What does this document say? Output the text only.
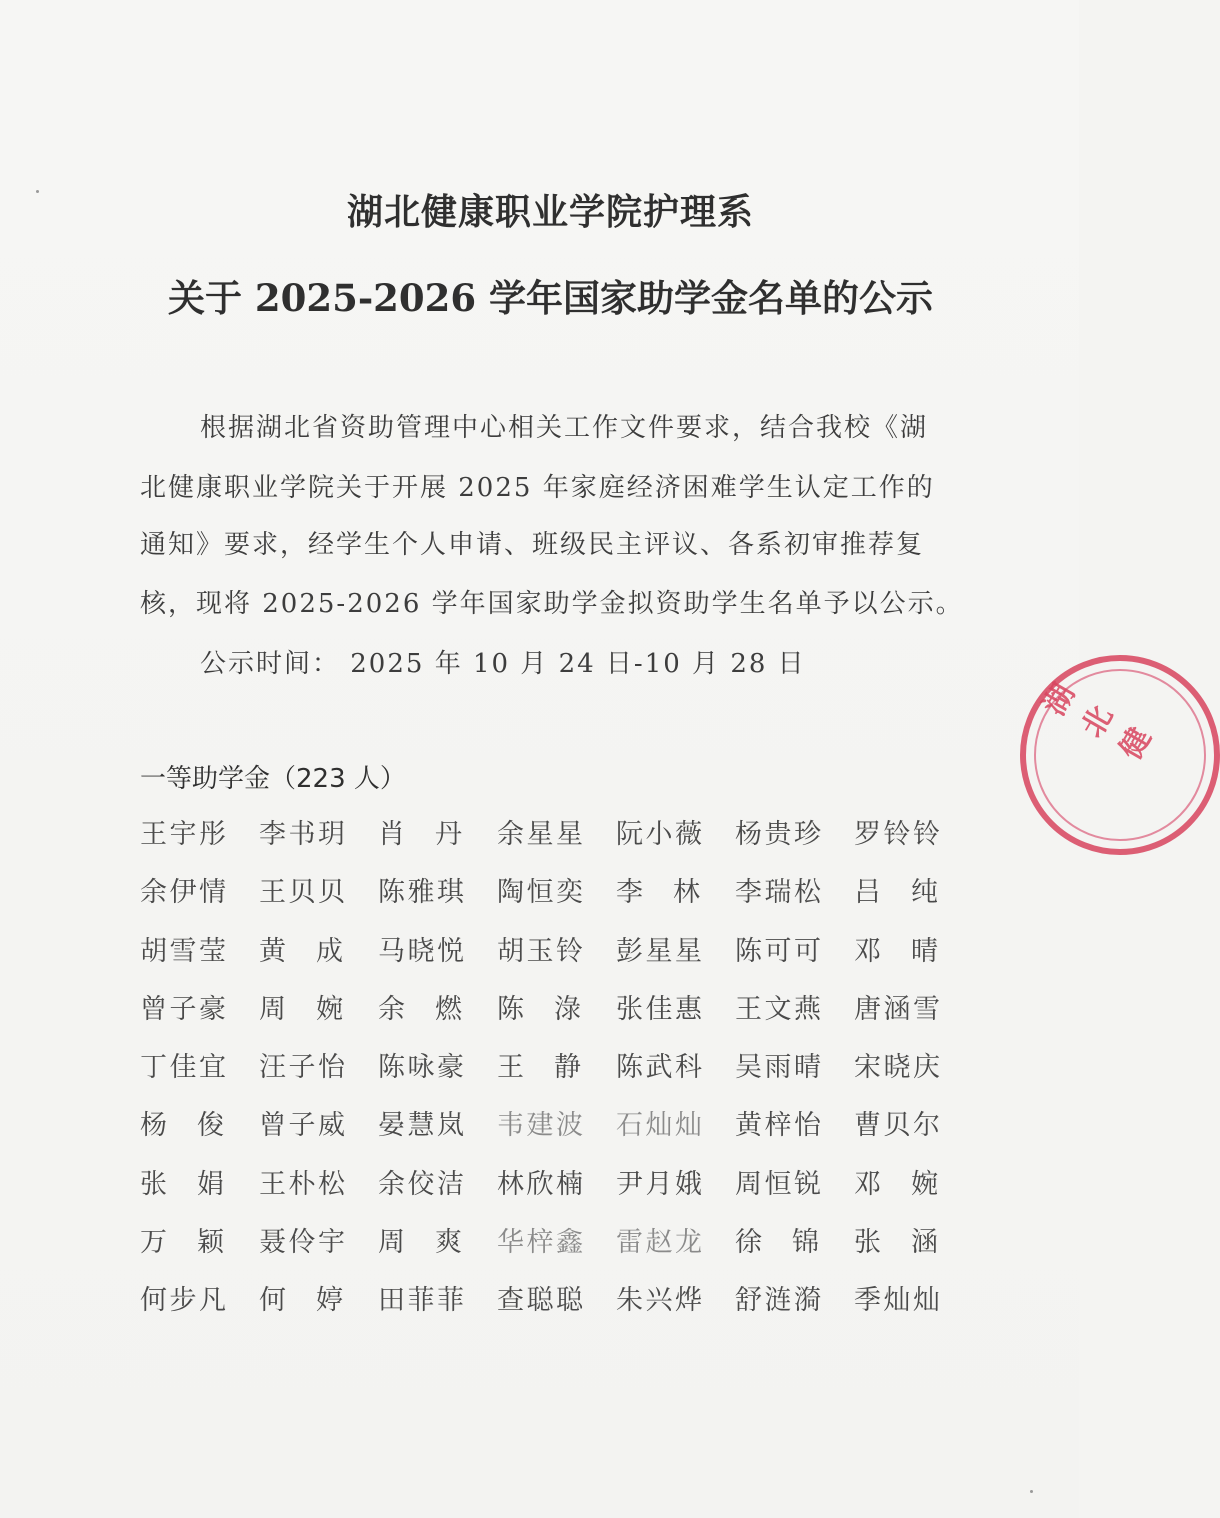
湖北健康职业学院护理系
关于 2025-2026 学年国家助学金名单的公示
根据湖北省资助管理中心相关工作文件要求，结合我校《湖
北健康职业学院关于开展 2025 年家庭经济困难学生认定工作的
通知》要求，经学生个人申请、班级民主评议、各系初审推荐复
核，现将 2025-2026 学年国家助学金拟资助学生名单予以公示。
公示时间： 2025 年 10 月 24 日-10 月 28 日
一等助学金（223 人）
王 宇 彤 李 书 玥 肖 丹 余 星 星 阮 小 薇 杨 贵 珍 罗 铃 铃
余 伊 情 王 贝 贝 陈 雅 琪 陶 恒 奕 李 林 李 瑞 松 吕 纯
胡 雪 莹 黄 成 马 晓 悦 胡 玉 铃 彭 星 星 陈 可 可 邓 晴
曾 子 豪 周 婉 余 燃 陈 淥 张 佳 惠 王 文 燕 唐 涵 雪
丁 佳 宜 汪 子 怡 陈 咏 豪 王 静 陈 武 科 吴 雨 晴 宋 晓 庆
杨 俊 曾 子 威 晏 慧 岚 韦 建 波 石 灿 灿 黄 梓 怡 曹 贝 尔
张 娟 王 朴 松 余 佼 洁 林 欣 楠 尹 月 娥 周 恒 锐 邓 婉
万 颖 聂 伶 宇 周 爽 华 梓 鑫 雷 赵 龙 徐 锦 张 涵
何 步 凡 何 婷 田 菲 菲 查 聪 聪 朱 兴 烨 舒 涟 漪 季 灿 灿
湖北健
